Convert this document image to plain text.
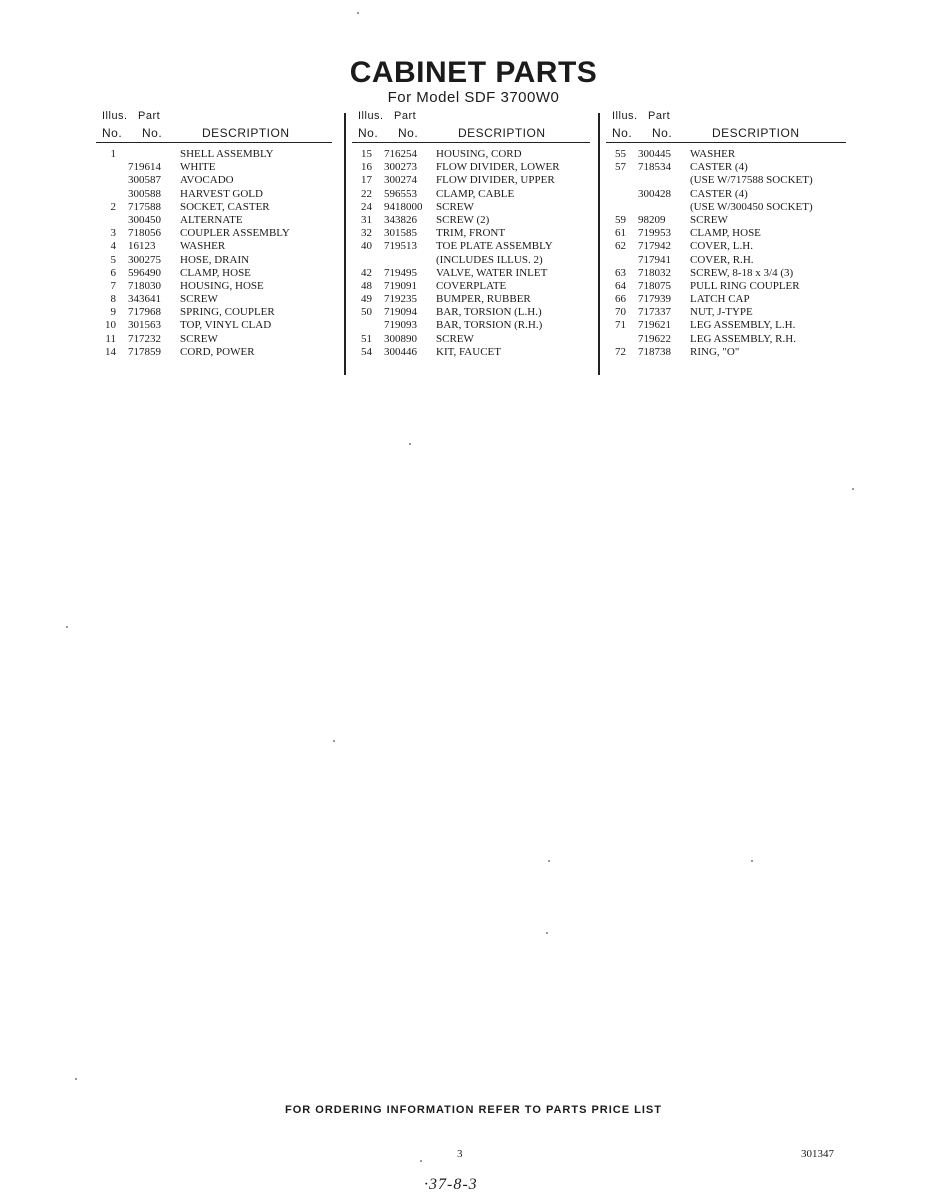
CABINET PARTS
For Model SDF 3700W0
Illus. Part
No. No.	DESCRIPTION
1	SHELL ASSEMBLY
719614 WHITE
300587 AVOCADO
300588 HARVEST GOLD
2 717588 SOCKET, CASTER
300450 ALTERNATE
3 718056 COUPLER ASSEMBLY
4 16123 WASHER
5 300275 HOSE, DRAIN
6 596490 CLAMP, HOSE
7 718030 HOUSING, HOSE
8 343641 SCREW
9 717968 SPRING, COUPLER
10 301563 TOP, VINYL CLAD
11 717232 SCREW
14 717859 CORD, POWER
Illus. Part
No. No.	DESCRIPTION
15 716254 HOUSING, CORD
16 300273 FLOW DIVIDER, LOWER
17 300274 FLOW DIVIDER, UPPER
22 596553 CLAMP, CABLE
24 9418000 SCREW
31 343826 SCREW (2)
32 301585 TRIM, FRONT
40 719513 TOE PLATE ASSEMBLY
(INCLUDES ILLUS. 2)
42 719495 VALVE, WATER INLET
48 719091 COVERPLATE
49 719235 BUMPER, RUBBER
50 719094 BAR, TORSION (L.H.)
719093 BAR, TORSION (R.H.)
51 300890 SCREW
54 300446 KIT, FAUCET
Illus. Part
No. No.	DESCRIPTION
55 300445 WASHER
57 718534 CASTER (4)
(USE W/717588 SOCKET)
300428 CASTER (4)
(USE W/300450 SOCKET)
59 98209 SCREW
61 719953 CLAMP, HOSE
62 717942 COVER, L.H.
717941 COVER, R.H.
63 718032 SCREW, 8-18 x 3/4 (3)
64 718075 PULL RING COUPLER
66 717939 LATCH CAP
70 717337 NUT, J-TYPE
71 719621 LEG ASSEMBLY, L.H.
719622 LEG ASSEMBLY, R.H.
72 718738 RING, "O"
FOR ORDERING INFORMATION REFER TO PARTS PRICE LIST
3	301347
·37-8-3
